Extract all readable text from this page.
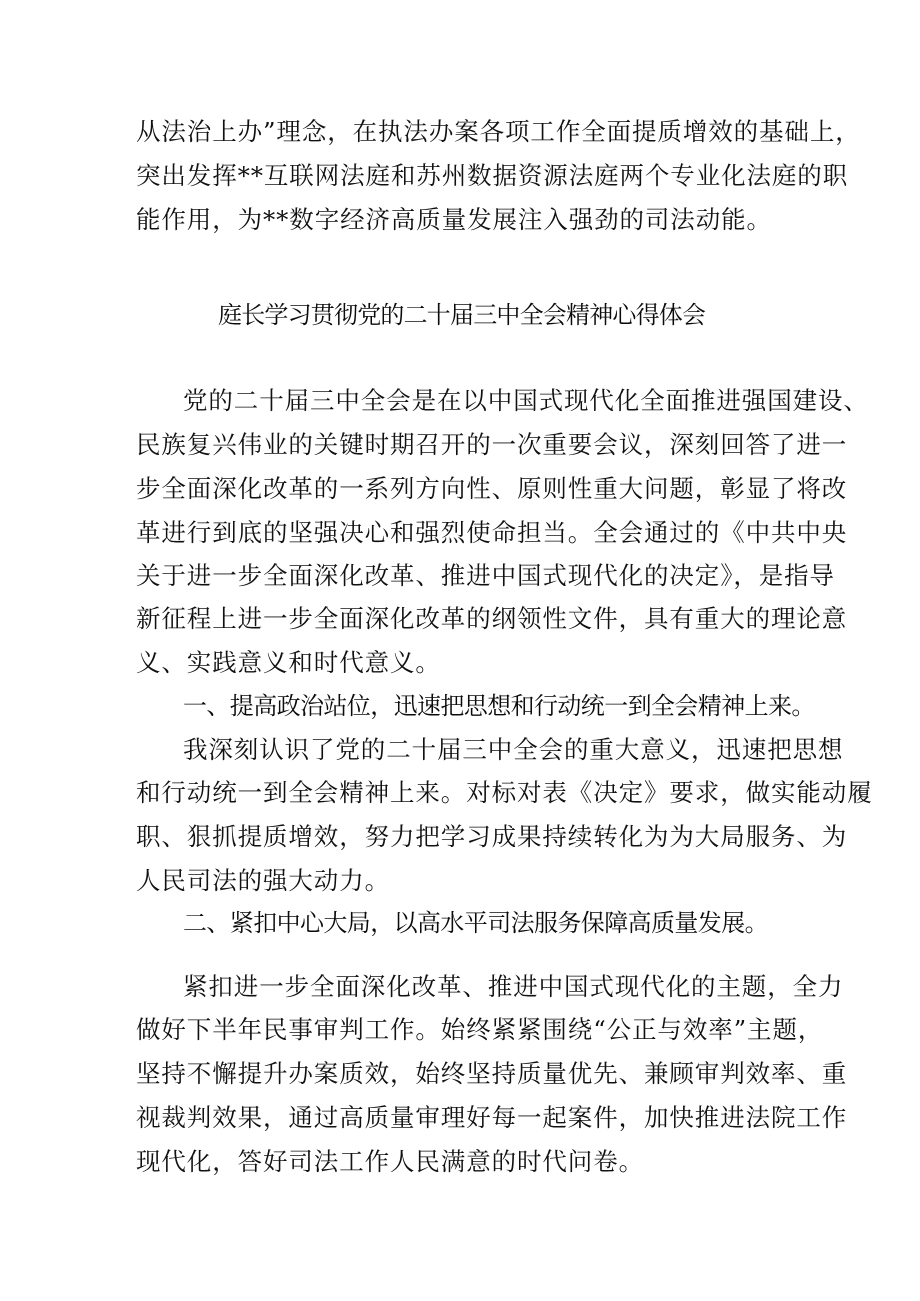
从法治上办”理念，在执法办案各项工作全面提质增效的基础上，
突出发挥**互联网法庭和苏州数据资源法庭两个专业化法庭的职
能作用，为**数字经济高质量发展注入强劲的司法动能。
庭长学习贯彻党的二十届三中全会精神心得体会
党的二十届三中全会是在以中国式现代化全面推进强国建设、
民族复兴伟业的关键时期召开的一次重要会议，深刻回答了进一
步全面深化改革的一系列方向性、原则性重大问题，彰显了将改
革进行到底的坚强决心和强烈使命担当。全会通过的《中共中央
关于进一步全面深化改革、推进中国式现代化的决定》，是指导
新征程上进一步全面深化改革的纲领性文件，具有重大的理论意
义、实践意义和时代意义。
一、提高政治站位，迅速把思想和行动统一到全会精神上来。
我深刻认识了党的二十届三中全会的重大意义，迅速把思想
和行动统一到全会精神上来。对标对表《决定》要求，做实能动履
职、狠抓提质增效，努力把学习成果持续转化为为大局服务、为
人民司法的强大动力。
二、紧扣中心大局，以高水平司法服务保障高质量发展。
紧扣进一步全面深化改革、推进中国式现代化的主题，全力
做好下半年民事审判工作。始终紧紧围绕“公正与效率”主题，
坚持不懈提升办案质效，始终坚持质量优先、兼顾审判效率、重
视裁判效果，通过高质量审理好每一起案件，加快推进法院工作
现代化，答好司法工作人民满意的时代问卷。
